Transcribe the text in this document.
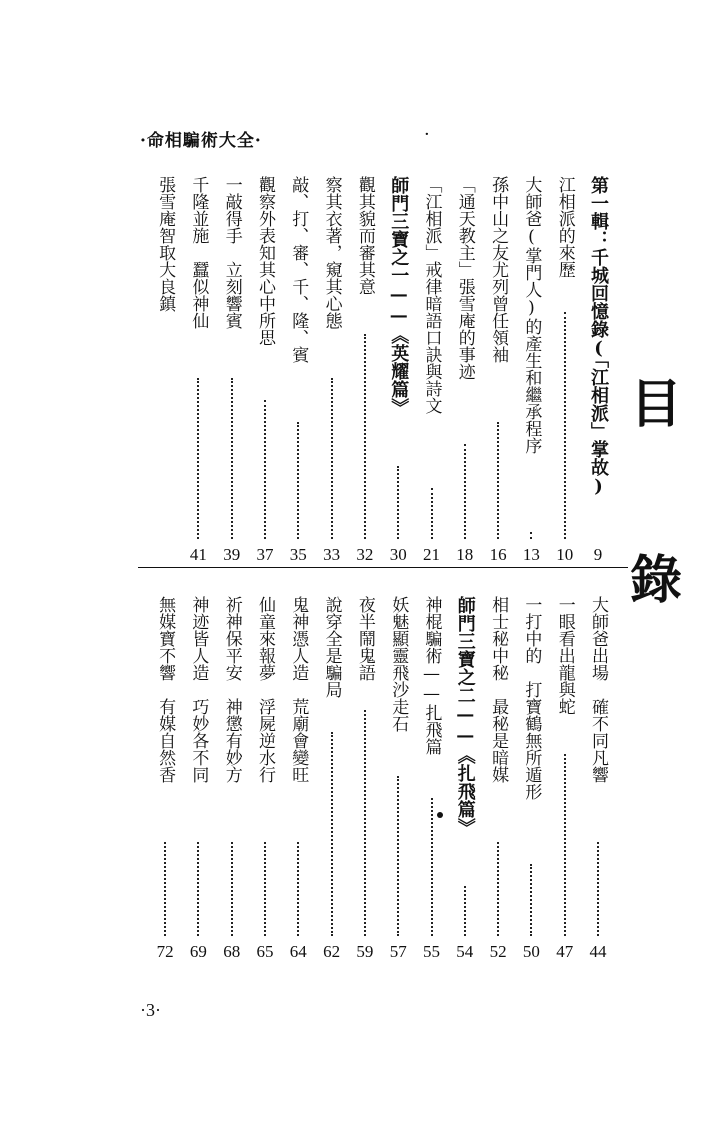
·命相騙術大全·	·
目
錄
第一輯：千城回憶錄(「江相派」掌故)
9
江相派的來歷
10
大師爸(掌門人)的產生和繼承程序
13
孫中山之友尤列曾任領袖
16
「通天教主」張雪庵的事迹
18
「江相派」戒律暗語口訣與詩文
21
師門三寶之一——《英耀篇》
30
觀其貌而審其意
32
察其衣著，窺其心態
33
敲、打、審、千、隆、賓
35
觀察外表知其心中所思
37
一敲得手　立刻響賓
39
千隆並施　蠶似神仙
41
張雪庵智取大良鎮
大師爸出場　確不同凡響
44
一眼看出龍與蛇
47
一打中的　打寶鶴無所遁形
50
相士秘中秘　最秘是暗媒
52
師門三寶之二——《扎飛篇》
54
神棍騙術——扎飛篇
55
妖魅顯靈飛沙走石
57
夜半鬧鬼語
59
說穿全是騙局
62
鬼神憑人造　荒廟會變旺
64
仙童來報夢　浮屍逆水行
65
祈神保平安　神懲有妙方
68
神迹皆人造　巧妙各不同
69
無媒寶不響　有媒自然香
72
·3·
